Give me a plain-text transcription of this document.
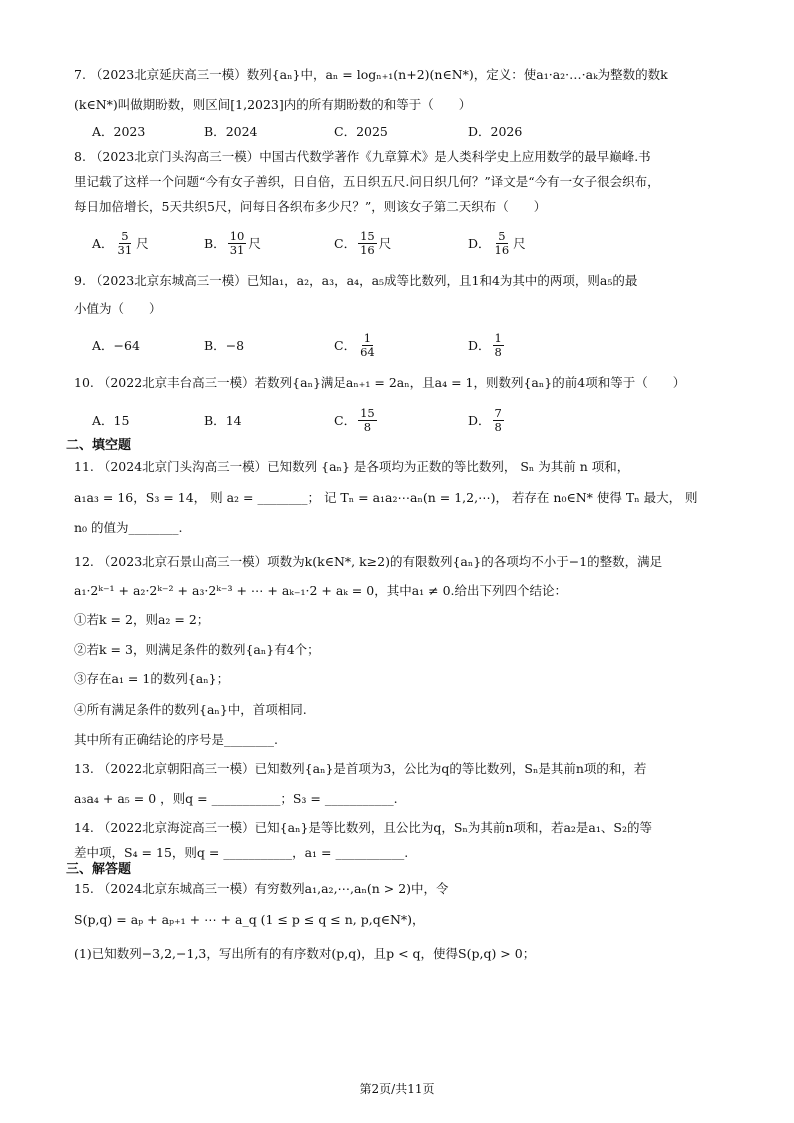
7. （2023北京延庆高三一模）数列{aₙ}中，aₙ = logₙ₊₁(n+2)(n∈N*)，定义：使a₁·a₂·…·aₖ为整数的数k
(k∈N*)叫做期盼数，则区间[1,2023]内的所有期盼数的和等于（　　）
A． 2023	B． 2024	C． 2025	D． 2026
8. （2023北京门头沟高三一模）中国古代数学著作《九章算术》是人类科学史上应用数学的最早巅峰.书
里记载了这样一个问题“今有女子善织，日自倍，五日织五尺.问日织几何？”译文是“今有一女子很会织布，
每日加倍增长，5天共织5尺，问每日各织布多少尺？”，则该女子第二天织布（　　）
A． $\frac{5}{31}$ 尺	B． $\frac{10}{31}$ 尺	C． $\frac{15}{16}$ 尺	D． $\frac{5}{16}$ 尺
9. （2023北京东城高三一模）已知a₁，a₂，a₃，a₄，a₅成等比数列，且1和4为其中的两项，则a₅的最
小值为（　　）
A． −64	B． −8	C． $\frac{1}{64}$	D． $\frac{1}{8}$
10. （2022北京丰台高三一模）若数列{aₙ}满足aₙ₊₁ = 2aₙ，且a₄ = 1，则数列{aₙ}的前4项和等于（　　）
A． 15	B． 14	C． $\frac{15}{8}$	D． $\frac{7}{8}$
二、填空题
11. （2024北京门头沟高三一模）已知数列 {aₙ} 是各项均为正数的等比数列， Sₙ 为其前 n 项和，
a₁a₃ = 16，S₃ = 14， 则 a₂ = ________； 记 Tₙ = a₁a₂⋯aₙ(n = 1,2,⋯)， 若存在 n₀∈N* 使得 Tₙ 最大， 则
n₀ 的值为________.
12. （2023北京石景山高三一模）项数为k(k∈N*, k≥2)的有限数列{aₙ}的各项均不小于−1的整数，满足
a₁·2ᵏ⁻¹ + a₂·2ᵏ⁻² + a₃·2ᵏ⁻³ + ⋯ + aₖ₋₁·2 + aₖ = 0，其中a₁ ≠ 0.给出下列四个结论：
①若k = 2，则a₂ = 2；
②若k = 3，则满足条件的数列{aₙ}有4个；
③存在a₁ = 1的数列{aₙ}；
④所有满足条件的数列{aₙ}中，首项相同.
其中所有正确结论的序号是________.
13. （2022北京朝阳高三一模）已知数列{aₙ}是首项为3，公比为q的等比数列，Sₙ是其前n项的和，若
a₃a₄ + a₅ = 0 ，则q = ___________；S₃ = ___________.
14. （2022北京海淀高三一模）已知{aₙ}是等比数列，且公比为q，Sₙ为其前n项和，若a₂是a₁、S₂的等
差中项，S₄ = 15，则q = ___________，a₁ = ___________.
三、解答题
15. （2024北京东城高三一模）有穷数列a₁,a₂,⋯,aₙ(n > 2)中，令
S(p,q) = aₚ + aₚ₊₁ + ⋯ + a_q (1 ≤ p ≤ q ≤ n, p,q∈N*)，
(1)已知数列−3,2,−1,3，写出所有的有序数对(p,q)，且p < q，使得S(p,q) > 0；
第2页/共11页
